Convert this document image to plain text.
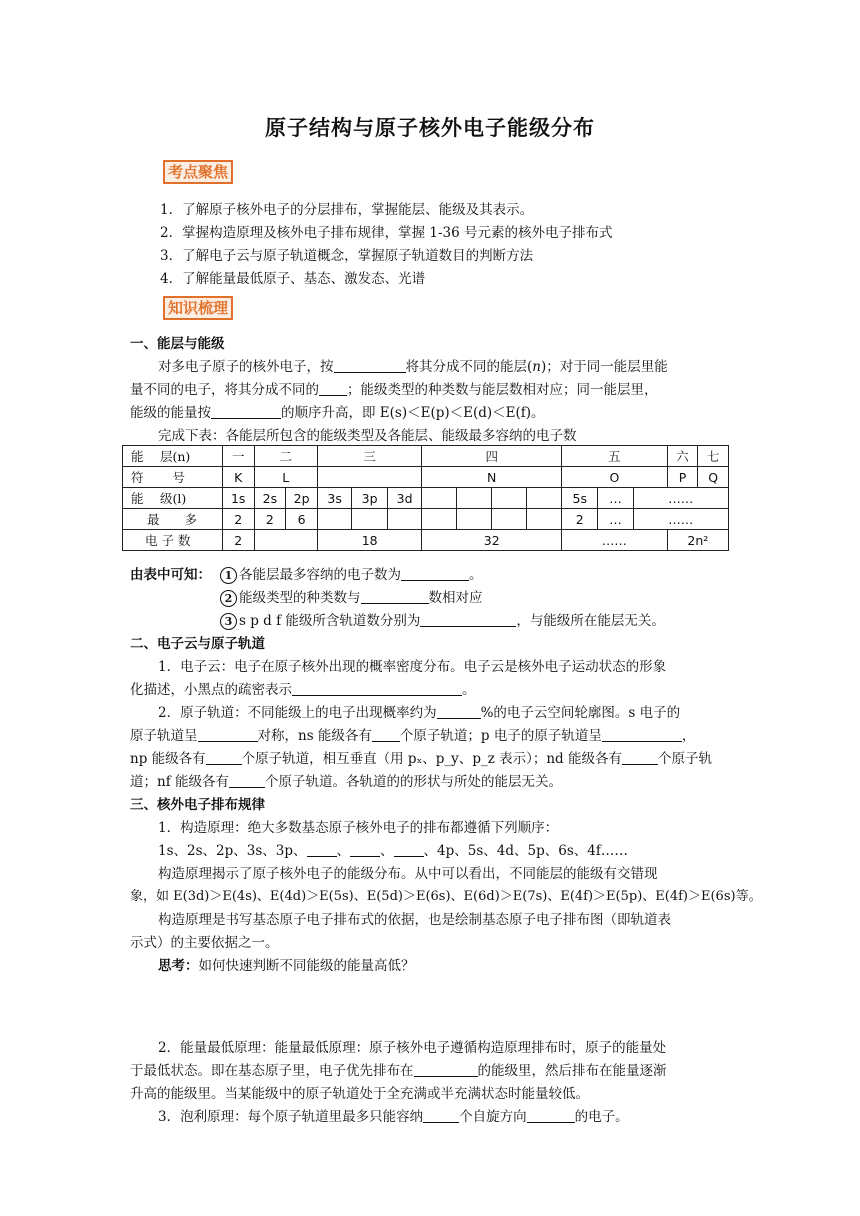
原子结构与原子核外电子能级分布
考点聚焦
1．了解原子核外电子的分层排布，掌握能层、能级及其表示。
2．掌握构造原理及核外电子排布规律，掌握 1-36 号元素的核外电子排布式
3．了解电子云与原子轨道概念，掌握原子轨道数目的判断方法
4．了解能量最低原子、基态、激发态、光谱
知识梳理
一、能层与能级
对多电子原子的核外电子，按	将其分成不同的能层(n)；对于同一能层里能
量不同的电子，将其分成不同的 ；能级类型的种类数与能层数相对应；同一能层里，
能级的能量按	的顺序升高，即 E(s)＜E(p)＜E(d)＜E(f)。
完成下表：各能层所包含的能级类型及各能层、能级最多容纳的电子数
能　 层(n)	一	二		三			四				五			六	七
符　　 号	K	L					N				O			P	Q
能　 级(l)	1s	2s	2p	3s	3p	3d					5s	…	……		
最　　多	2	2	6								2	…	……		
电 子 数	2			18			32				……			2n²	
由表中可知：	1 各能层最多容纳的电子数为	。
2 能级类型的种类数与	数相对应
3 s p d f 能级所含轨道数分别为	，与能级所在能层无关。
二、电子云与原子轨道
1．电子云：电子在原子核外出现的概率密度分布。电子云是核外电子运动状态的形象
化描述，小黑点的疏密表示	。
2．原子轨道：不同能级上的电子出现概率约为	%的电子云空间轮廓图。s 电子的
原子轨道呈	对称，ns 能级各有 个原子轨道；p 电子的原子轨道呈	，
np 能级各有	个原子轨道，相互垂直（用 pₓ、p_y、p_z 表示）；nd 能级各有	个原子轨
道；nf 能级各有	个原子轨道。各轨道的的形状与所处的能层无关。
三、核外电子排布规律
1．构造原理：绝大多数基态原子核外电子的排布都遵循下列顺序：
1s、2s、2p、3s、3p、 、 、 、4p、5s、4d、5p、6s、4f……
构造原理揭示了原子核外电子的能级分布。从中可以看出，不同能层的能级有交错现
象，如 E(3d)＞E(4s)、E(4d)＞E(5s)、E(5d)＞E(6s)、E(6d)＞E(7s)、E(4f)＞E(5p)、E(4f)＞E(6s)等。
构造原理是书写基态原子电子排布式的依据，也是绘制基态原子电子排布图（即轨道表
示式）的主要依据之一。
思考：如何快速判断不同能级的能量高低？
2．能量最低原理：能量最低原理：原子核外电子遵循构造原理排布时，原子的能量处
于最低状态。即在基态原子里，电子优先排布在	的能级里，然后排布在能量逐渐
升高的能级里。当某能级中的原子轨道处于全充满或半充满状态时能量较低。
3．泡利原理：每个原子轨道里最多只能容纳	个自旋方向	的电子。
